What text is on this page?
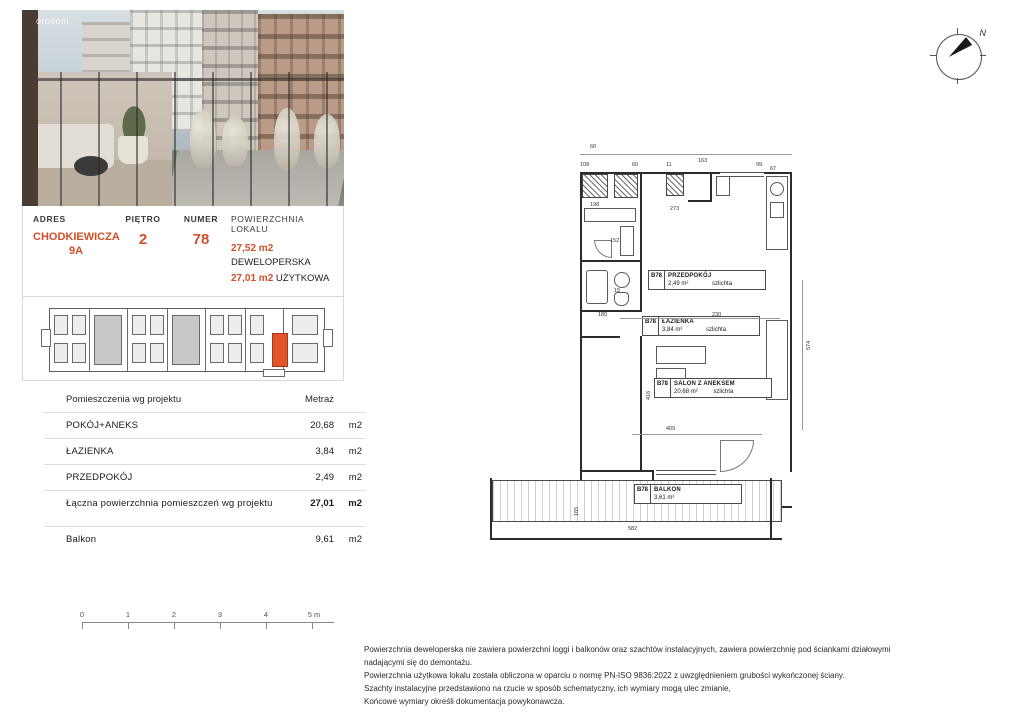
otodom
ADRES
CHODKIEWICZA
9A
PIĘTRO
2
NUMER
78
POWIERZCHNIA LOKALU
27,52 m2 DEWELOPERSKA
27,01 m2 UŻYTKOWA
Pomieszczenia wg projektu	Metraż
POKÓJ+ANEKS	20,68	m2
ŁAZIENKA	3,84	m2
PRZEDPOKÓJ	2,49	m2
Łączna powierzchnia pomieszczeń wg projektu	27,01	m2
Balkon	9,61	m2
0	1	2	3	4	5 m
N
60
108	60	11
163
99
67
B78	PRZEDPOKÓJ
2,49 m²	szlichta
B78	ŁAZIENKA
3,84 m²	szlichta
B78	SALON Z ANEKSEM
20,68 m²	szlichta
198
273
152
15
180	230
409
574
416
165
582
B78	BALKON
3,61 m²
Powierzchnia deweloperska nie zawiera powierzchni loggi i balkonów oraz szachtów instalacyjnych, zawiera powierzchnię pod ściankami działowymi
nadającymi się do demontażu.
Powierzchnia użytkowa lokalu została obliczona w oparciu o normę PN-ISO 9836:2022 z uwzględnieniem grubości wykończonej ściany.
Szachty instalacyjne przedstawiono na rzucie w sposób schematyczny, ich wymiary mogą ulec zmianie,
Końcowe wymiary określi dokumentacja powykonawcza.
